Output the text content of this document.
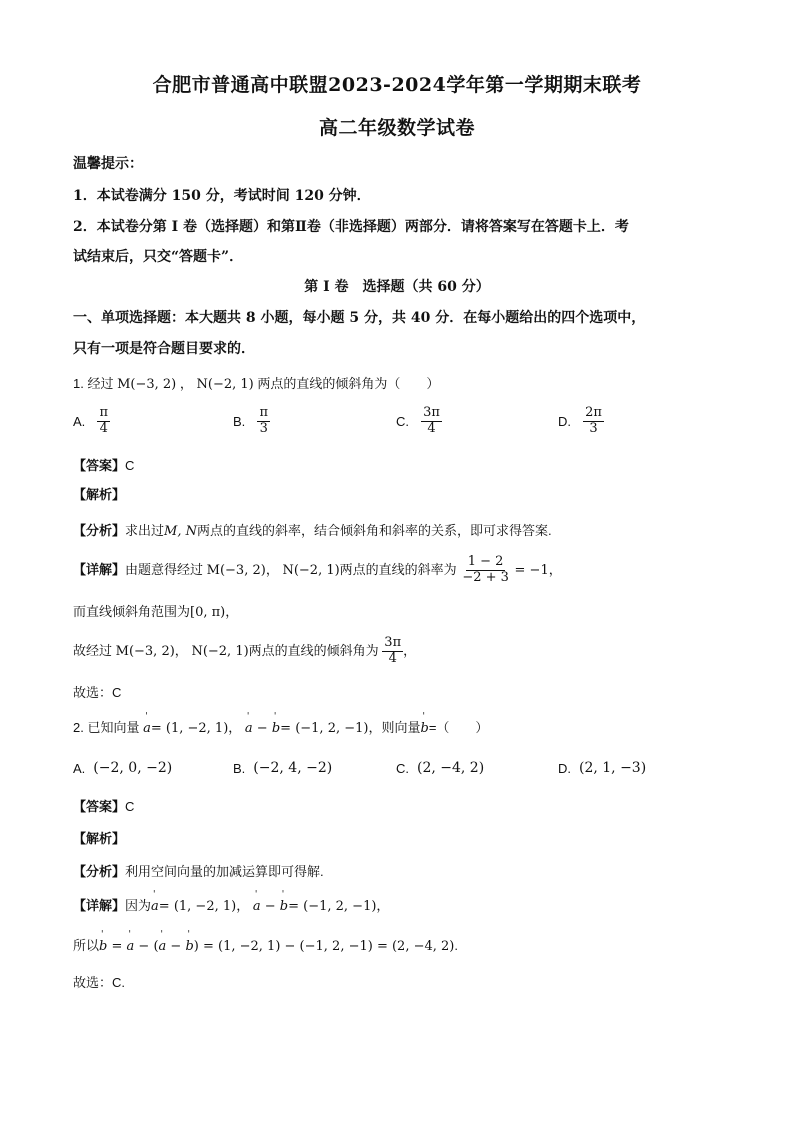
合肥市普通高中联盟2023-2024学年第一学期期末联考
高二年级数学试卷
温馨提示：
1．本试卷满分 150 分，考试时间 120 分钟．
2．本试卷分第 I 卷（选择题）和第Ⅱ卷（非选择题）两部分．请将答案写在答题卡上．考
试结束后，只交“答题卡”．
第 I 卷　选择题（共 60 分）
一、单项选择题：本大题共 8 小题，每小题 5 分，共 40 分．在每小题给出的四个选项中，
只有一项是符合题目要求的．
1. 经过 M(−3, 2) ， N(−2, 1) 两点的直线的倾斜角为（　　）
A. $\frac{\pi}{4}$	B. $\frac{\pi}{3}$	C. $\frac{3\pi}{4}$	D. $\frac{2\pi}{3}$
【答案】C
【解析】
【分析】求出过M, N两点的直线的斜率，结合倾斜角和斜率的关系，即可求得答案.
【详解】由题意得经过 M(−3, 2)， N(−2, 1)两点的直线的斜率为 $\frac{1 - 2}{-2 + 3} = -1$，
而直线倾斜角范围为[0, π)，
故经过 M(−3, 2)， N(−2, 1)两点的直线的倾斜角为 $\frac{3\pi}{4}$ ，
故选：C
2. 已知向量 ' a= (1, −2, 1)， ' a − ' b= (−1, 2, −1)，则向量' b=（　　）
A. (−2, 0, −2)	B. (−2, 4, −2)	C. (2, −4, 2)	D. (2, 1, −3)
【答案】C
【解析】
【分析】利用空间向量的加减运算即可得解.
【详解】因为' a= (1, −2, 1)， ' a − ' b= (−1, 2, −1)，
所以' b = ' a − (' a − ' b) = (1, −2, 1) − (−1, 2, −1) = (2, −4, 2).
故选：C.
